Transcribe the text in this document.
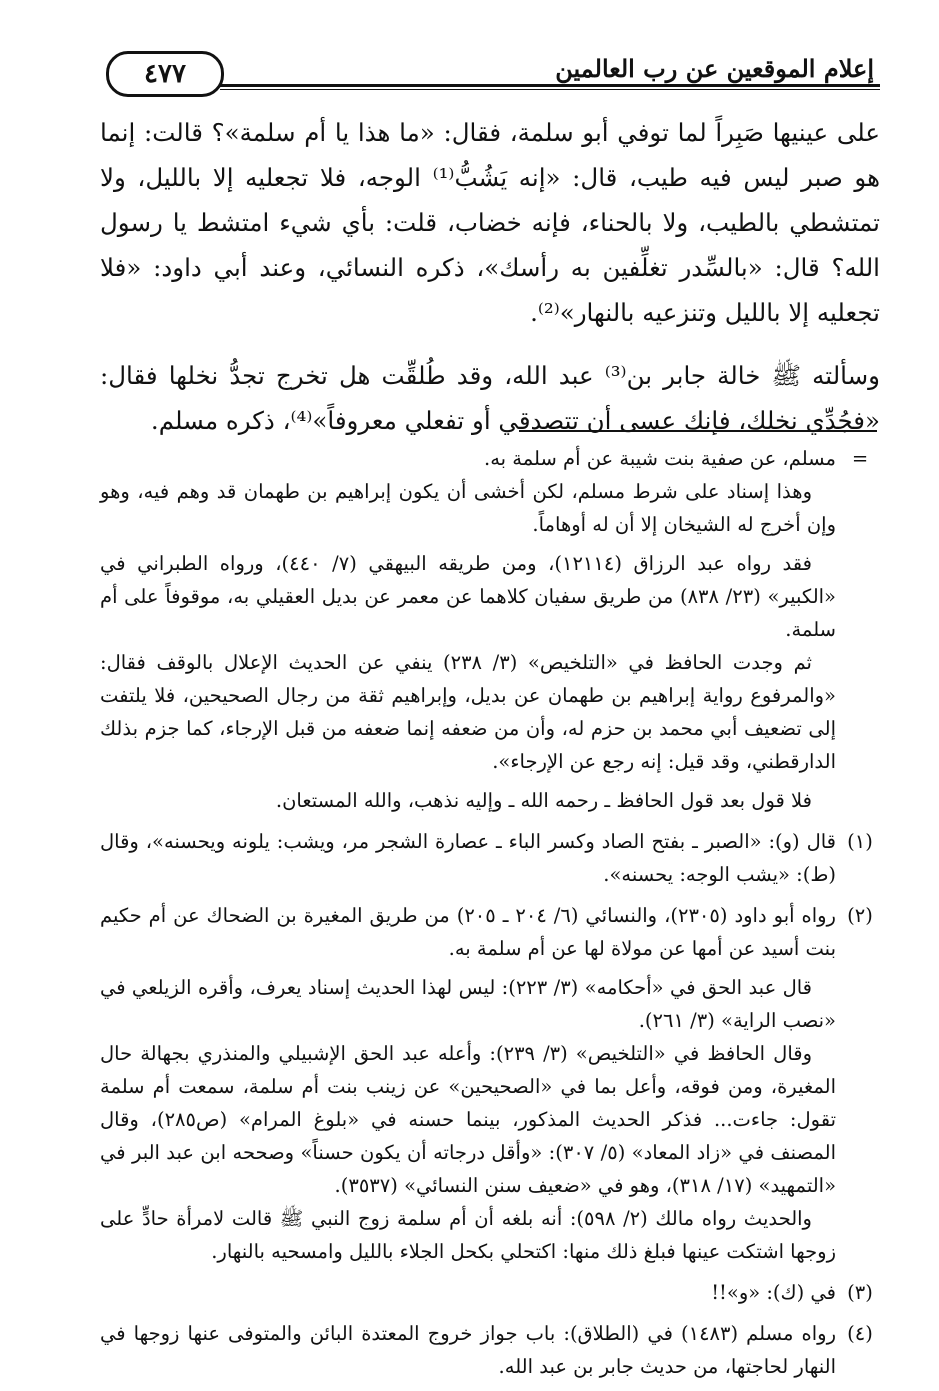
إعلام الموقعين عن رب العالمين
٤٧٧

على عينيها صَبِراً لما توفي أبو سلمة، فقال: «ما هذا يا أم سلمة»؟ قالت: إنما هو صبر ليس فيه طيب، قال: «إنه يَشُبُّ⁽¹⁾ الوجه، فلا تجعليه إلا بالليل، ولا تمتشطي بالطيب، ولا بالحناء، فإنه خضاب، قلت: بأي شيء امتشط يا رسول الله؟ قال: «بالسِّدر تغلِّفين به رأسك»، ذكره النسائي، وعند أبي داود: «فلا تجعليه إلا بالليل وتنزعيه بالنهار»⁽²⁾.

وسألته ﷺ خالة جابر بن⁽³⁾ عبد الله، وقد طُلقِّت هل تخرج تجدُّ نخلها فقال: «فجُدِّي نخلك، فإنك عسى أن تتصدقي أو تفعلي معروفاً»⁽⁴⁾، ذكره مسلم.

=

مسلم، عن صفية بنت شيبة عن أم سلمة به.

وهذا إسناد على شرط مسلم، لكن أخشى أن يكون إبراهيم بن طهمان قد وهم فيه، وهو وإن أخرج له الشيخان إلا أن له أوهاماً.

فقد رواه عبد الرزاق (١٢١١٤)، ومن طريقه البيهقي (٧/ ٤٤٠)، ورواه الطبراني في «الكبير» (٢٣/ ٨٣٨) من طريق سفيان كلاهما عن معمر عن بديل العقيلي به، موقوفاً على أم سلمة.

ثم وجدت الحافظ في «التلخيص» (٣/ ٢٣٨) ينفي عن الحديث الإعلال بالوقف فقال: «والمرفوع رواية إبراهيم بن طهمان عن بديل، وإبراهيم ثقة من رجال الصحيحين، فلا يلتفت إلى تضعيف أبي محمد بن حزم له، وأن من ضعفه إنما ضعفه من قبل الإرجاء، كما جزم بذلك الدارقطني، وقد قيل: إنه رجع عن الإرجاء».

فلا قول بعد قول الحافظ ـ رحمه الله ـ وإليه نذهب، والله المستعان.

(١)

قال (و): «الصبر ـ بفتح الصاد وكسر الباء ـ عصارة الشجر مر، ويشب: يلونه ويحسنه»، وقال (ط): «يشب الوجه: يحسنه».

(٢)

رواه أبو داود (٢٣٠٥)، والنسائي (٦/ ٢٠٤ ـ ٢٠٥) من طريق المغيرة بن الضحاك عن أم حكيم بنت أسيد عن أمها عن مولاة لها عن أم سلمة به.

قال عبد الحق في «أحكامه» (٣/ ٢٢٣): ليس لهذا الحديث إسناد يعرف، وأقره الزيلعي في «نصب الراية» (٣/ ٢٦١).

وقال الحافظ في «التلخيص» (٣/ ٢٣٩): وأعله عبد الحق الإشبيلي والمنذري بجهالة حال المغيرة، ومن فوقه، وأعل بما في «الصحيحين» عن زينب بنت أم سلمة، سمعت أم سلمة تقول: جاءت... فذكر الحديث المذكور، بينما حسنه في «بلوغ المرام» (ص٢٨٥)، وقال المصنف في «زاد المعاد» (٥/ ٣٠٧): «وأقل درجاته أن يكون حسناً» وصححه ابن عبد البر في «التمهيد» (١٧/ ٣١٨)، وهو في «ضعيف سنن النسائي» (٣٥٣٧).

والحديث رواه مالك (٢/ ٥٩٨): أنه بلغه أن أم سلمة زوج النبي ﷺ قالت لامرأة حادٍّ على زوجها اشتكت عينها فبلغ ذلك منها: اكتحلي بكحل الجلاء بالليل وامسحيه بالنهار.

(٣)

في (ك): «و»!!

(٤)

رواه مسلم (١٤٨٣) في (الطلاق): باب جواز خروج المعتدة البائن والمتوفى عنها زوجها في النهار لحاجتها، من حديث جابر بن عبد الله.
